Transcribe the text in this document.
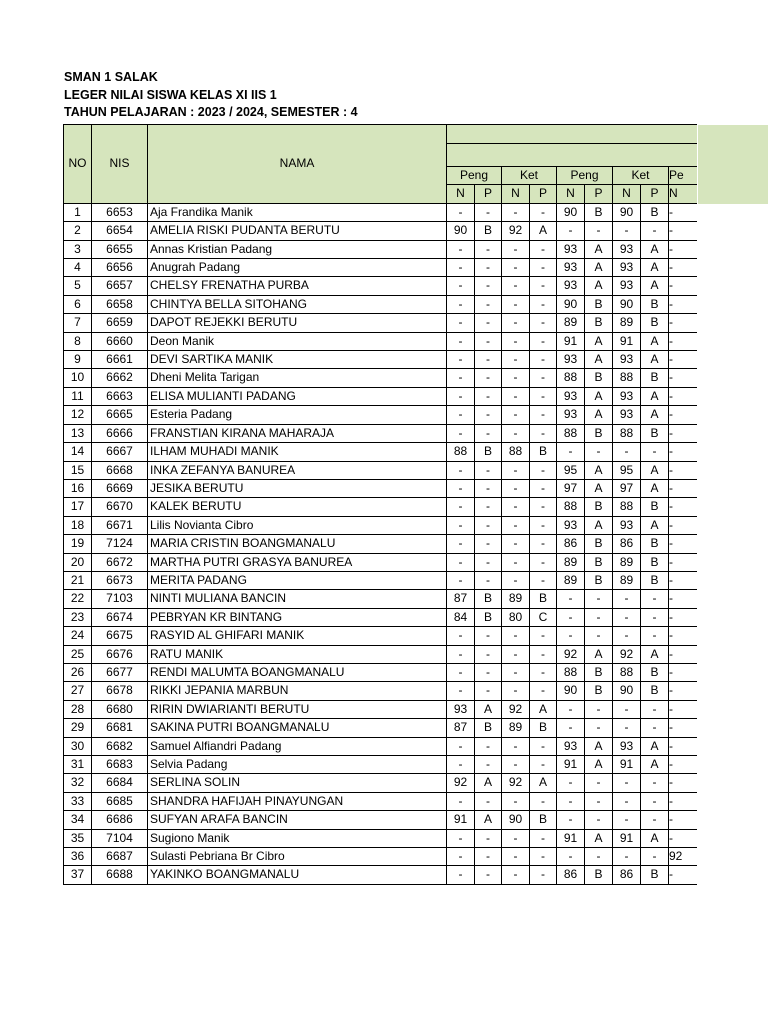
SMAN 1 SALAK
LEGER NILAI SISWA KELAS XI IIS 1
TAHUN PELAJARAN : 2023 / 2024, SEMESTER : 4
NO	NIS	NAMA									

			Peng		Ket		Peng		Ket		Pe
			N	P	N	P	N	P	N	P	N
1	6653	Aja Frandika Manik	-	-	-	-	90	B	90	B	-
2	6654	AMELIA RISKI PUDANTA BERUTU	90	B	92	A	-	-	-	-	-
3	6655	Annas Kristian Padang	-	-	-	-	93	A	93	A	-
4	6656	Anugrah Padang	-	-	-	-	93	A	93	A	-
5	6657	CHELSY FRENATHA PURBA	-	-	-	-	93	A	93	A	-
6	6658	CHINTYA BELLA SITOHANG	-	-	-	-	90	B	90	B	-
7	6659	DAPOT REJEKKI BERUTU	-	-	-	-	89	B	89	B	-
8	6660	Deon Manik	-	-	-	-	91	A	91	A	-
9	6661	DEVI SARTIKA MANIK	-	-	-	-	93	A	93	A	-
10	6662	Dheni Melita Tarigan	-	-	-	-	88	B	88	B	-
11	6663	ELISA MULIANTI PADANG	-	-	-	-	93	A	93	A	-
12	6665	Esteria Padang	-	-	-	-	93	A	93	A	-
13	6666	FRANSTIAN KIRANA MAHARAJA	-	-	-	-	88	B	88	B	-
14	6667	ILHAM MUHADI MANIK	88	B	88	B	-	-	-	-	-
15	6668	INKA ZEFANYA BANUREA	-	-	-	-	95	A	95	A	-
16	6669	JESIKA BERUTU	-	-	-	-	97	A	97	A	-
17	6670	KALEK BERUTU	-	-	-	-	88	B	88	B	-
18	6671	Lilis Novianta Cibro	-	-	-	-	93	A	93	A	-
19	7124	MARIA CRISTIN BOANGMANALU	-	-	-	-	86	B	86	B	-
20	6672	MARTHA PUTRI GRASYA BANUREA	-	-	-	-	89	B	89	B	-
21	6673	MERITA PADANG	-	-	-	-	89	B	89	B	-
22	7103	NINTI MULIANA BANCIN	87	B	89	B	-	-	-	-	-
23	6674	PEBRYAN KR BINTANG	84	B	80	C	-	-	-	-	-
24	6675	RASYID AL GHIFARI MANIK	-	-	-	-	-	-	-	-	-
25	6676	RATU MANIK	-	-	-	-	92	A	92	A	-
26	6677	RENDI MALUMTA BOANGMANALU	-	-	-	-	88	B	88	B	-
27	6678	RIKKI JEPANIA MARBUN	-	-	-	-	90	B	90	B	-
28	6680	RIRIN DWIARIANTI BERUTU	93	A	92	A	-	-	-	-	-
29	6681	SAKINA PUTRI BOANGMANALU	87	B	89	B	-	-	-	-	-
30	6682	Samuel Alfiandri Padang	-	-	-	-	93	A	93	A	-
31	6683	Selvia Padang	-	-	-	-	91	A	91	A	-
32	6684	SERLINA SOLIN	92	A	92	A	-	-	-	-	-
33	6685	SHANDRA HAFIJAH PINAYUNGAN	-	-	-	-	-	-	-	-	-
34	6686	SUFYAN ARAFA BANCIN	91	A	90	B	-	-	-	-	-
35	7104	Sugiono Manik	-	-	-	-	91	A	91	A	-
36	6687	Sulasti Pebriana Br Cibro	-	-	-	-	-	-	-	-	92
37	6688	YAKINKO BOANGMANALU	-	-	-	-	86	B	86	B	-
